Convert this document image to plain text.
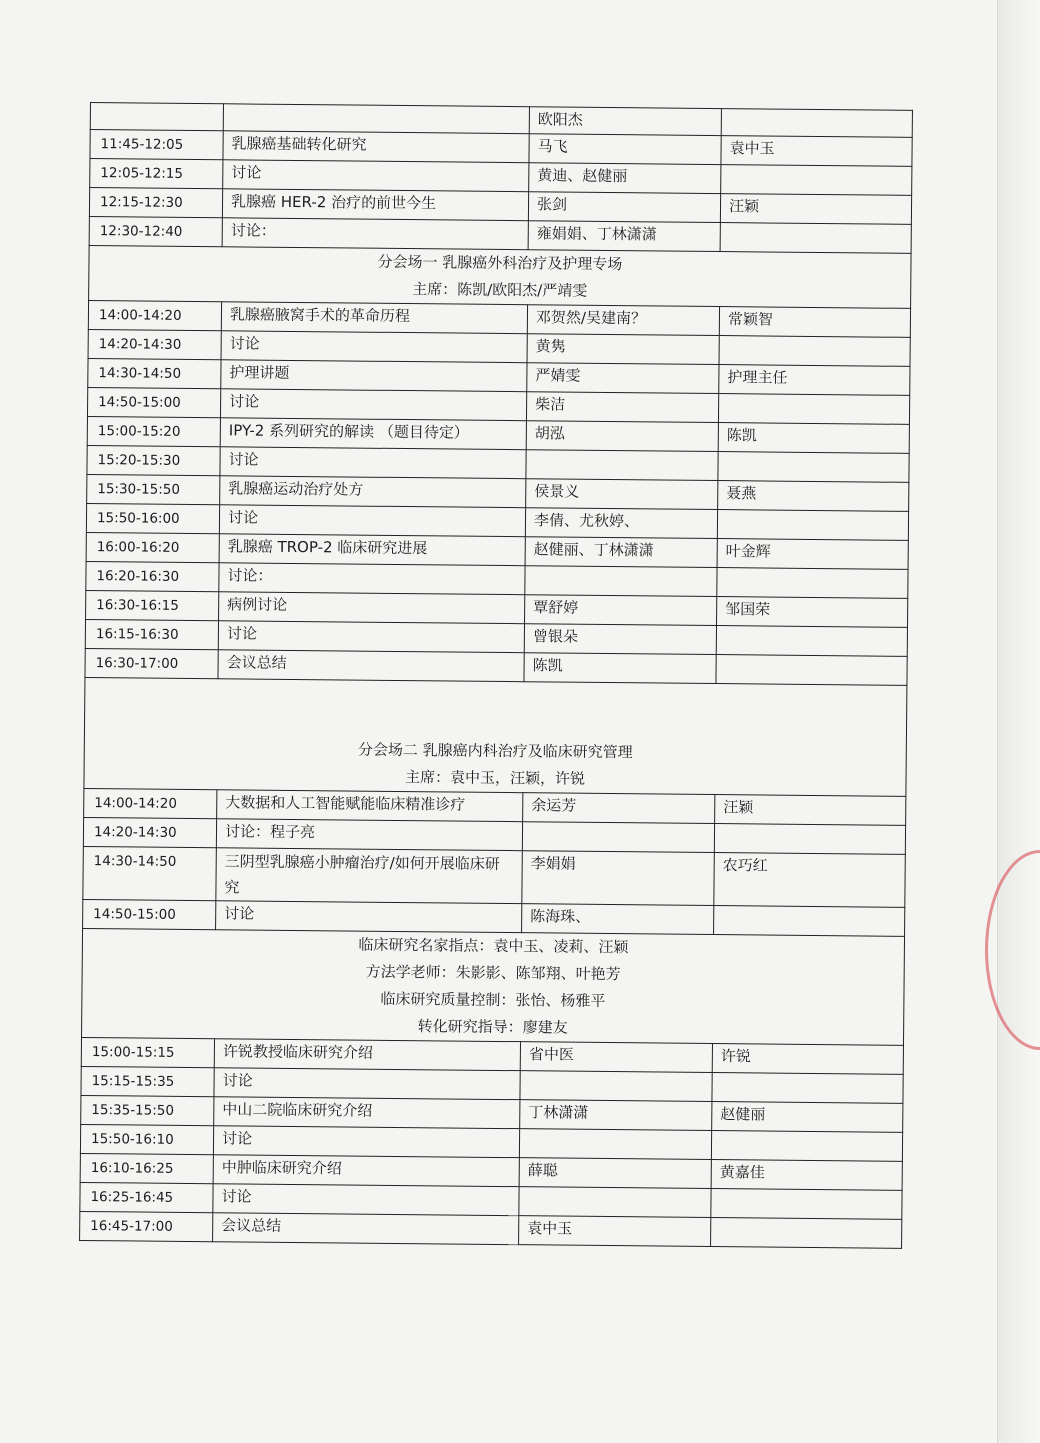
		欧阳杰	
11:45-12:05	乳腺癌基础转化研究	马飞	袁中玉
12:05-12:15	讨论	黄迪、赵健丽	
12:15-12:30	乳腺癌 HER-2 治疗的前世今生	张剑	汪颖
12:30-12:40	讨论：	雍娟娟、丁林潇潇	

分会场一 乳腺癌外科治疗及护理专场
主席：陈凯/欧阳杰/严靖雯			

14:00-14:20	乳腺癌腋窝手术的革命历程	邓贺然/吴建南？	常颖智
14:20-14:30	讨论	黄隽	
14:30-14:50	护理讲题	严婧雯	护理主任
14:50-15:00	讨论	柴洁	
15:00-15:20	IPY-2 系列研究的解读 （题目待定）	胡泓	陈凯
15:20-15:30	讨论		
15:30-15:50	乳腺癌运动治疗处方	侯景义	聂燕
15:50-16:00	讨论	李倩、尤秋婷、	
16:00-16:20	乳腺癌 TROP-2 临床研究进展	赵健丽、丁林潇潇	叶金辉
16:20-16:30	讨论：		
16:30-16:15	病例讨论	覃舒婷	邹国荣
16:15-16:30	讨论	曾银朵	
16:30-17:00	会议总结	陈凯	

分会场二 乳腺癌内科治疗及临床研究管理
主席：袁中玉，汪颖，许锐			

14:00-14:20	大数据和人工智能赋能临床精准诊疗	余运芳	汪颖
14:20-14:30	讨论：程子亮		
14:30-14:50	三阴型乳腺癌小肿瘤治疗/如何开展临床研究	李娟娟	农巧红
14:50-15:00	讨论	陈海珠、	

临床研究名家指点：袁中玉、凌莉、汪颖
方法学老师：朱影影、陈邹翔、叶艳芳
临床研究质量控制：张怡、杨雅平
转化研究指导：廖建友			

15:00-15:15	许锐教授临床研究介绍	省中医	许锐
15:15-15:35	讨论		
15:35-15:50	中山二院临床研究介绍	丁林潇潇	赵健丽
15:50-16:10	讨论		
16:10-16:25	中肿临床研究介绍	薛聪	黄嘉佳
16:25-16:45	讨论		
16:45-17:00	会议总结	袁中玉	
